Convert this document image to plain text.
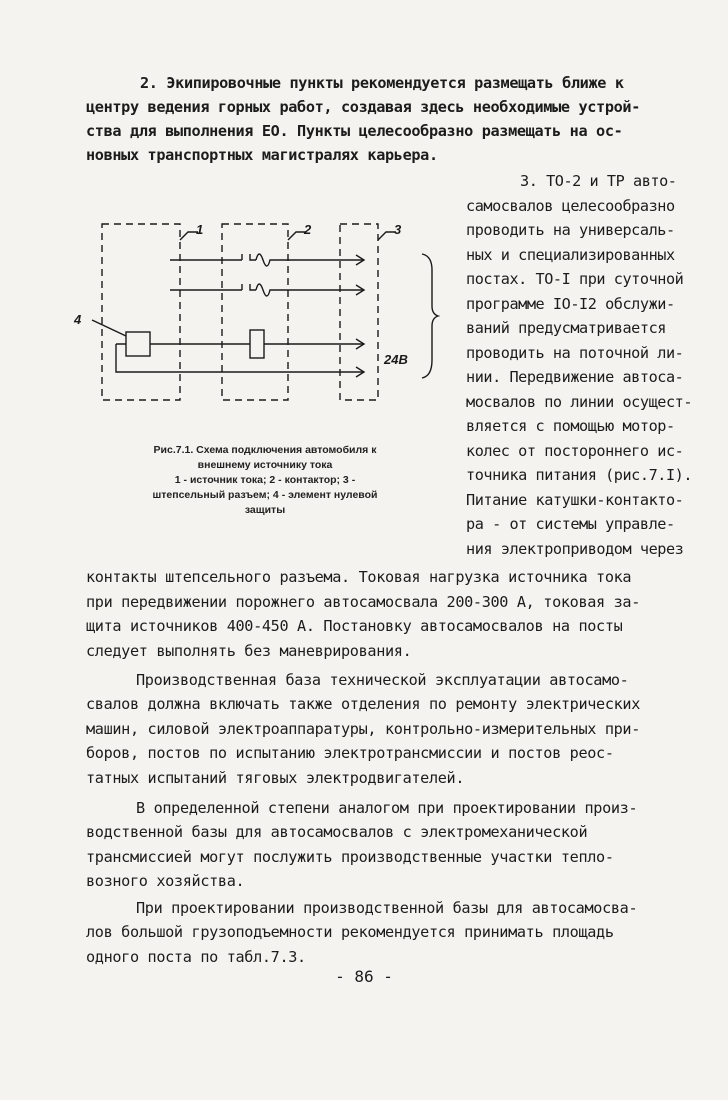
2. Экипировочные пункты рекомендуется размещать ближе к
центру ведения горных работ, создавая здесь необходимые устрой-
ства для выполнения ЕО. Пункты целесообразно размещать на ос-
новных транспортных магистралях карьера.
3. ТО-2 и ТР авто-
самосвалов целесообразно
проводить на универсаль-
ных и специализированных
постах. ТО-I при суточной
программе IO-I2 обслужи-
ваний предусматривается
проводить на поточной ли-
нии. Передвижение автоса-
мосвалов по линии осущест-
вляется с помощью мотор-
колес от постороннего ис-
точника питания (рис.7.I).
Питание катушки-контакто-
ра - от системы управле-
ния электроприводом через
1	2	3
4
24В
Рис.7.1. Схема подключения автомобиля к
внешнему источнику тока
1 - источник тока; 2 - контактор; 3 -
штепсельный разъем; 4 - элемент нулевой
защиты
контакты штепсельного разъема. Токовая нагрузка источника тока
при передвижении порожнего автосамосвала 200-300 А, токовая за-
щита источников 400-450 А. Постановку автосамосвалов на посты
следует выполнять без маневрирования.
Производственная база технической эксплуатации автосамо-
свалов должна включать также отделения по ремонту электрических
машин, силовой электроаппаратуры, контрольно-измерительных при-
боров, постов по испытанию электротрансмиссии и постов реос-
татных испытаний тяговых электродвигателей.
В определенной степени аналогом при проектировании произ-
водственной базы для автосамосвалов с электромеханической
трансмиссией могут послужить производственные участки тепло-
возного хозяйства.
При проектировании производственной базы для автосамосва-
лов большой грузоподъемности рекомендуется принимать площадь
одного поста по табл.7.3.
- 86 -
